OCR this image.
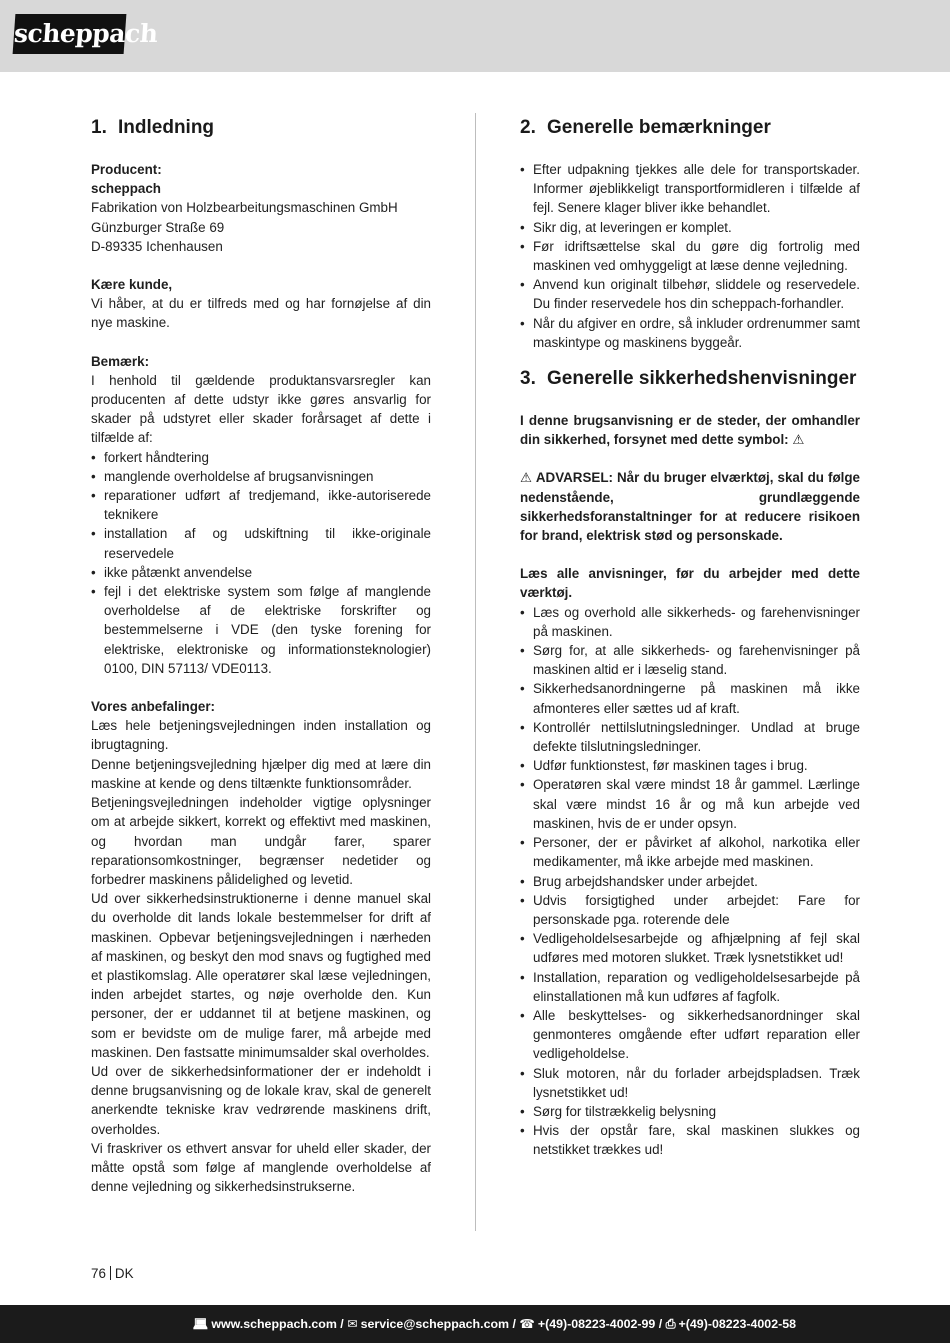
scheppach
1. Indledning

Producent:

scheppach

Fabrikation von Holzbearbeitungsmaschinen GmbH

Günzburger Straße 69

D-89335 Ichenhausen

Kære kunde,

Vi håber, at du er tilfreds med og har fornøjelse af din nye maskine.

Bemærk:

I henhold til gældende produktansvarsregler kan producenten af dette udstyr ikke gøres ansvarlig for skader på udstyret eller skader forårsaget af dette i tilfælde af:

• forkert håndtering
• manglende overholdelse af brugsanvisningen
• reparationer udført af tredjemand, ikke-autoriserede teknikere
• installation af og udskiftning til ikke-originale reservedele
• ikke påtænkt anvendelse
• fejl i det elektriske system som følge af manglende overholdelse af de elektriske forskrifter og bestemmelserne i VDE (den tyske forening for elektriske, elektroniske og informationsteknologier) 0100, DIN 57113/ VDE0113.

Vores anbefalinger:

Læs hele betjeningsvejledningen inden installation og ibrugtagning.

Denne betjeningsvejledning hjælper dig med at lære din maskine at kende og dens tiltænkte funktionsområder.

Betjeningsvejledningen indeholder vigtige oplysninger om at arbejde sikkert, korrekt og effektivt med maskinen, og hvordan man undgår farer, sparer reparationsomkostninger, begrænser nedetider og forbedrer maskinens pålidelighed og levetid.

Ud over sikkerhedsinstruktionerne i denne manuel skal du overholde dit lands lokale bestemmelser for drift af maskinen. Opbevar betjeningsvejledningen i nærheden af maskinen, og beskyt den mod snavs og fugtighed med et plastikomslag. Alle operatører skal læse vejledningen, inden arbejdet startes, og nøje overholde den. Kun personer, der er uddannet til at betjene maskinen, og som er bevidste om de mulige farer, må arbejde med maskinen. Den fastsatte minimumsalder skal overholdes.

Ud over de sikkerhedsinformationer der er indeholdt i denne brugsanvisning og de lokale krav, skal de generelt anerkendte tekniske krav vedrørende maskinens drift, overholdes.

Vi fraskriver os ethvert ansvar for uheld eller skader, der måtte opstå som følge af manglende overholdelse af denne vejledning og sikkerhedsinstrukserne.

2. Generelle bemærkninger
• Efter udpakning tjekkes alle dele for transportskader. Informer øjeblikkeligt transportformidleren i tilfælde af fejl. Senere klager bliver ikke behandlet.
• Sikr dig, at leveringen er komplet.
• Før idriftsættelse skal du gøre dig fortrolig med maskinen ved omhyggeligt at læse denne vejledning.
• Anvend kun originalt tilbehør, sliddele og reservedele. Du finder reservedele hos din scheppach-forhandler.
• Når du afgiver en ordre, så inkluder ordrenummer samt maskintype og maskinens byggeår.
3. Generelle sikkerhedshenvisninger

I denne brugsanvisning er de steder, der omhandler din sikkerhed, forsynet med dette symbol: ⚠

⚠ ADVARSEL: Når du bruger elværktøj, skal du følge nedenstående, grundlæggende sikkerhedsforanstaltninger for at reducere risikoen for brand, elektrisk stød og personskade.

Læs alle anvisninger, før du arbejder med dette værktøj.

• Læs og overhold alle sikkerheds- og farehenvisninger på maskinen.
• Sørg for, at alle sikkerheds- og farehenvisninger på maskinen altid er i læselig stand.
• Sikkerhedsanordningerne på maskinen må ikke afmonteres eller sættes ud af kraft.
• Kontrollér nettilslutningsledninger. Undlad at bruge defekte tilslutningsledninger.
• Udfør funktionstest, før maskinen tages i brug.
• Operatøren skal være mindst 18 år gammel. Lærlinge skal være mindst 16 år og må kun arbejde ved maskinen, hvis de er under opsyn.
• Personer, der er påvirket af alkohol, narkotika eller medikamenter, må ikke arbejde med maskinen.
• Brug arbejdshandsker under arbejdet.
• Udvis forsigtighed under arbejdet: Fare for personskade pga. roterende dele
• Vedligeholdelsesarbejde og afhjælpning af fejl skal udføres med motoren slukket. Træk lysnetstikket ud!
• Installation, reparation og vedligeholdelsesarbejde på elinstallationen må kun udføres af fagfolk.
• Alle beskyttelses- og sikkerhedsanordninger skal genmonteres omgående efter udført reparation eller vedligeholdelse.
• Sluk motoren, når du forlader arbejdspladsen. Træk lysnetstikket ud!
• Sørg for tilstrækkelig belysning
• Hvis der opstår fare, skal maskinen slukkes og netstikket trækkes ud!
76 DK
💻︎ www.scheppach.com / ✉︎ service@scheppach.com / ☎︎ +(49)-08223-4002-99 / ⎙ +(49)-08223-4002-58
